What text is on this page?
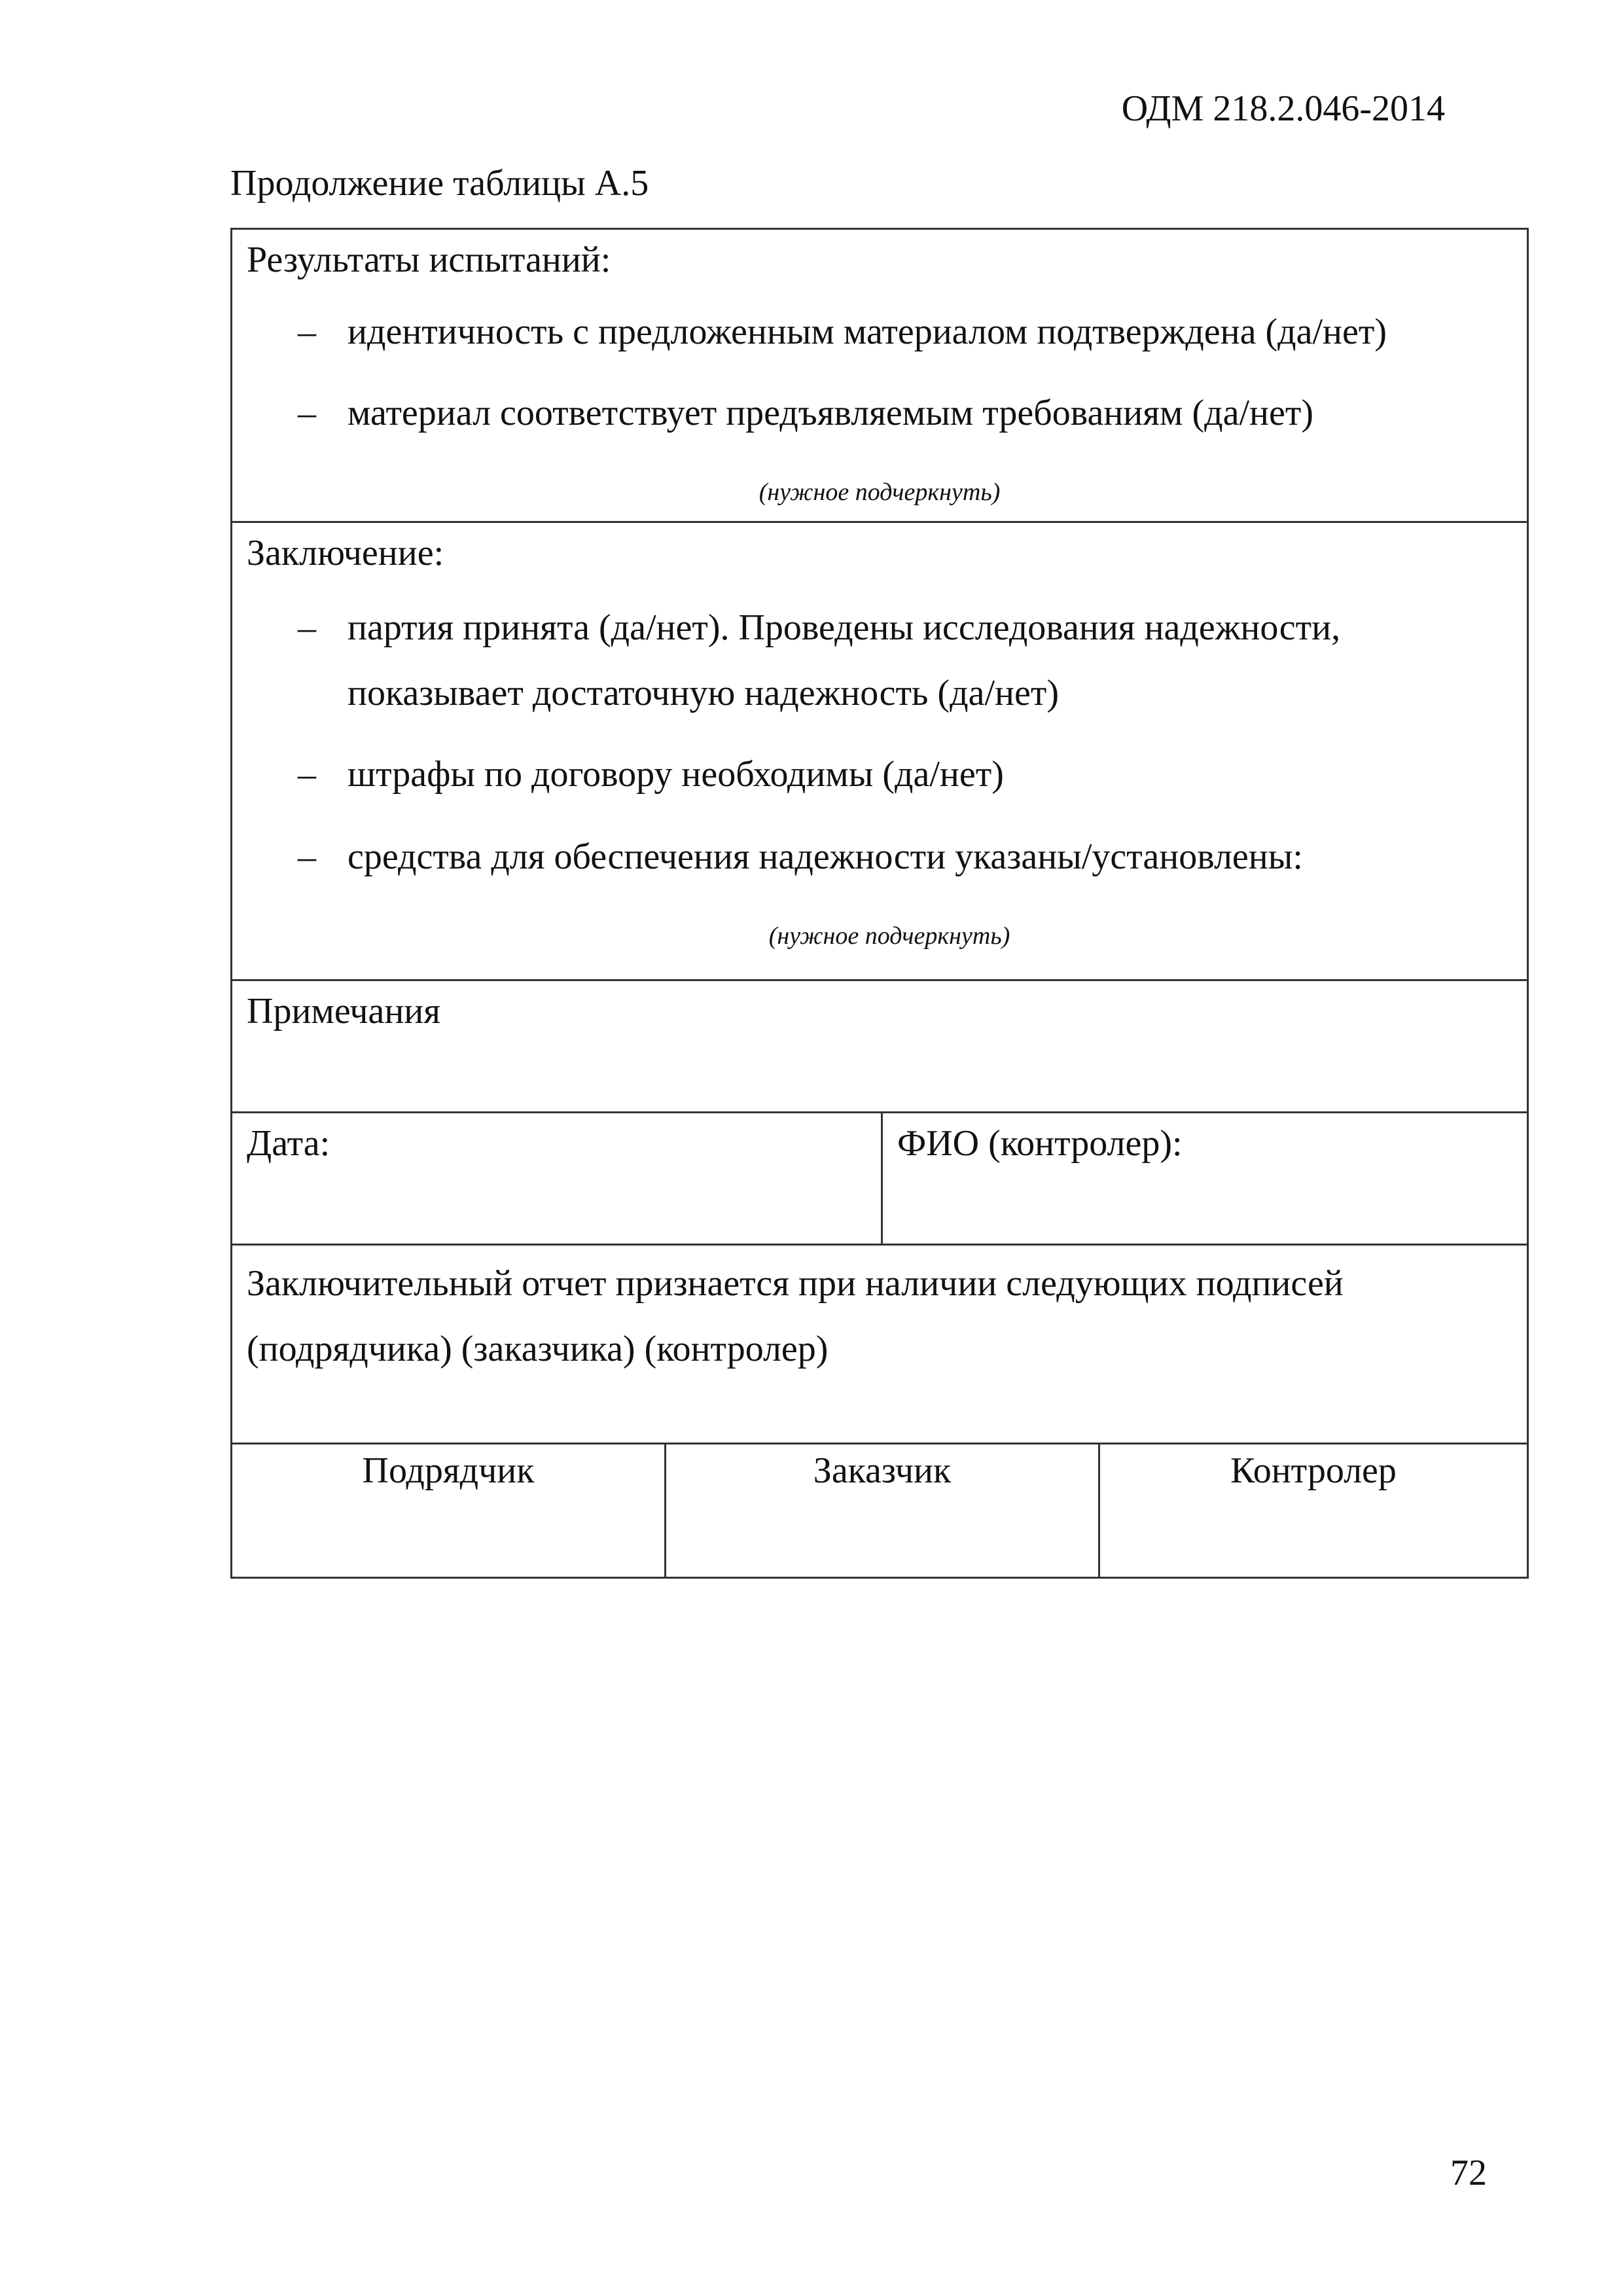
ОДМ 218.2.046-2014
Продолжение таблицы А.5
Результаты испытаний:
– идентичность с предложенным материалом подтверждена (да/нет)
– материал соответствует предъявляемым требованиям (да/нет)
(нужное подчеркнуть)
Заключение:
– партия принята (да/нет). Проведены исследования надежности, показывает достаточную надежность (да/нет)
– штрафы по договору необходимы (да/нет)
– средства для обеспечения надежности указаны/установлены:
(нужное подчеркнуть)
Примечания
Дата:	ФИО (контролер):
Заключительный отчет признается при наличии следующих подписей (подрядчика) (заказчика) (контролер)
Подрядчик	Заказчик	Контролер
72
